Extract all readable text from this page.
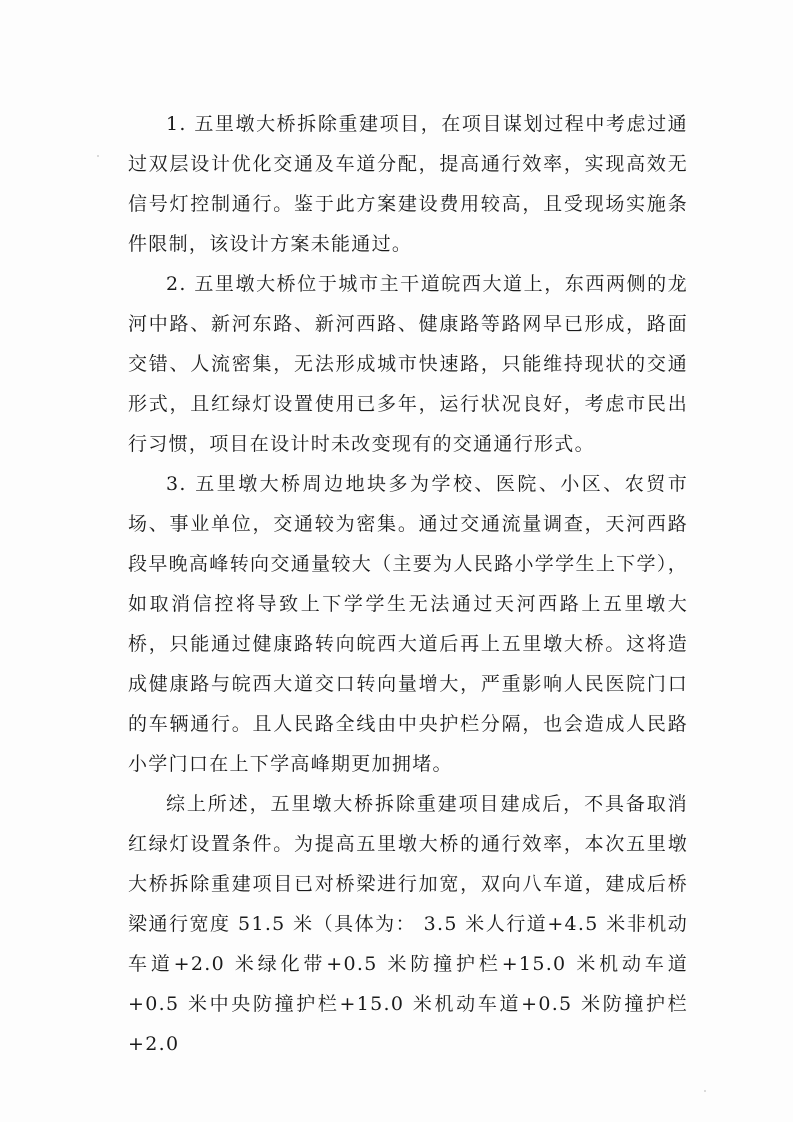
1. 五里墩大桥拆除重建项目，在项目谋划过程中考虑过通过双层设计优化交通及车道分配，提高通行效率，实现高效无信号灯控制通行。鉴于此方案建设费用较高，且受现场实施条件限制，该设计方案未能通过。

2. 五里墩大桥位于城市主干道皖西大道上，东西两侧的龙河中路、新河东路、新河西路、健康路等路网早已形成，路面交错、人流密集，无法形成城市快速路，只能维持现状的交通形式，且红绿灯设置使用已多年，运行状况良好，考虑市民出行习惯，项目在设计时未改变现有的交通通行形式。

3. 五里墩大桥周边地块多为学校、医院、小区、农贸市场、事业单位，交通较为密集。通过交通流量调查，天河西路段早晚高峰转向交通量较大（主要为人民路小学学生上下学），如取消信控将导致上下学学生无法通过天河西路上五里墩大桥，只能通过健康路转向皖西大道后再上五里墩大桥。这将造成健康路与皖西大道交口转向量增大，严重影响人民医院门口的车辆通行。且人民路全线由中央护栏分隔，也会造成人民路小学门口在上下学高峰期更加拥堵。

综上所述，五里墩大桥拆除重建项目建成后，不具备取消红绿灯设置条件。为提高五里墩大桥的通行效率，本次五里墩大桥拆除重建项目已对桥梁进行加宽，双向八车道，建成后桥梁通行宽度 51.5 米（具体为： 3.5 米人行道+4.5 米非机动车道+2.0 米绿化带+0.5 米防撞护栏+15.0 米机动车道+0.5 米中央防撞护栏+15.0 米机动车道+0.5 米防撞护栏+2.0
